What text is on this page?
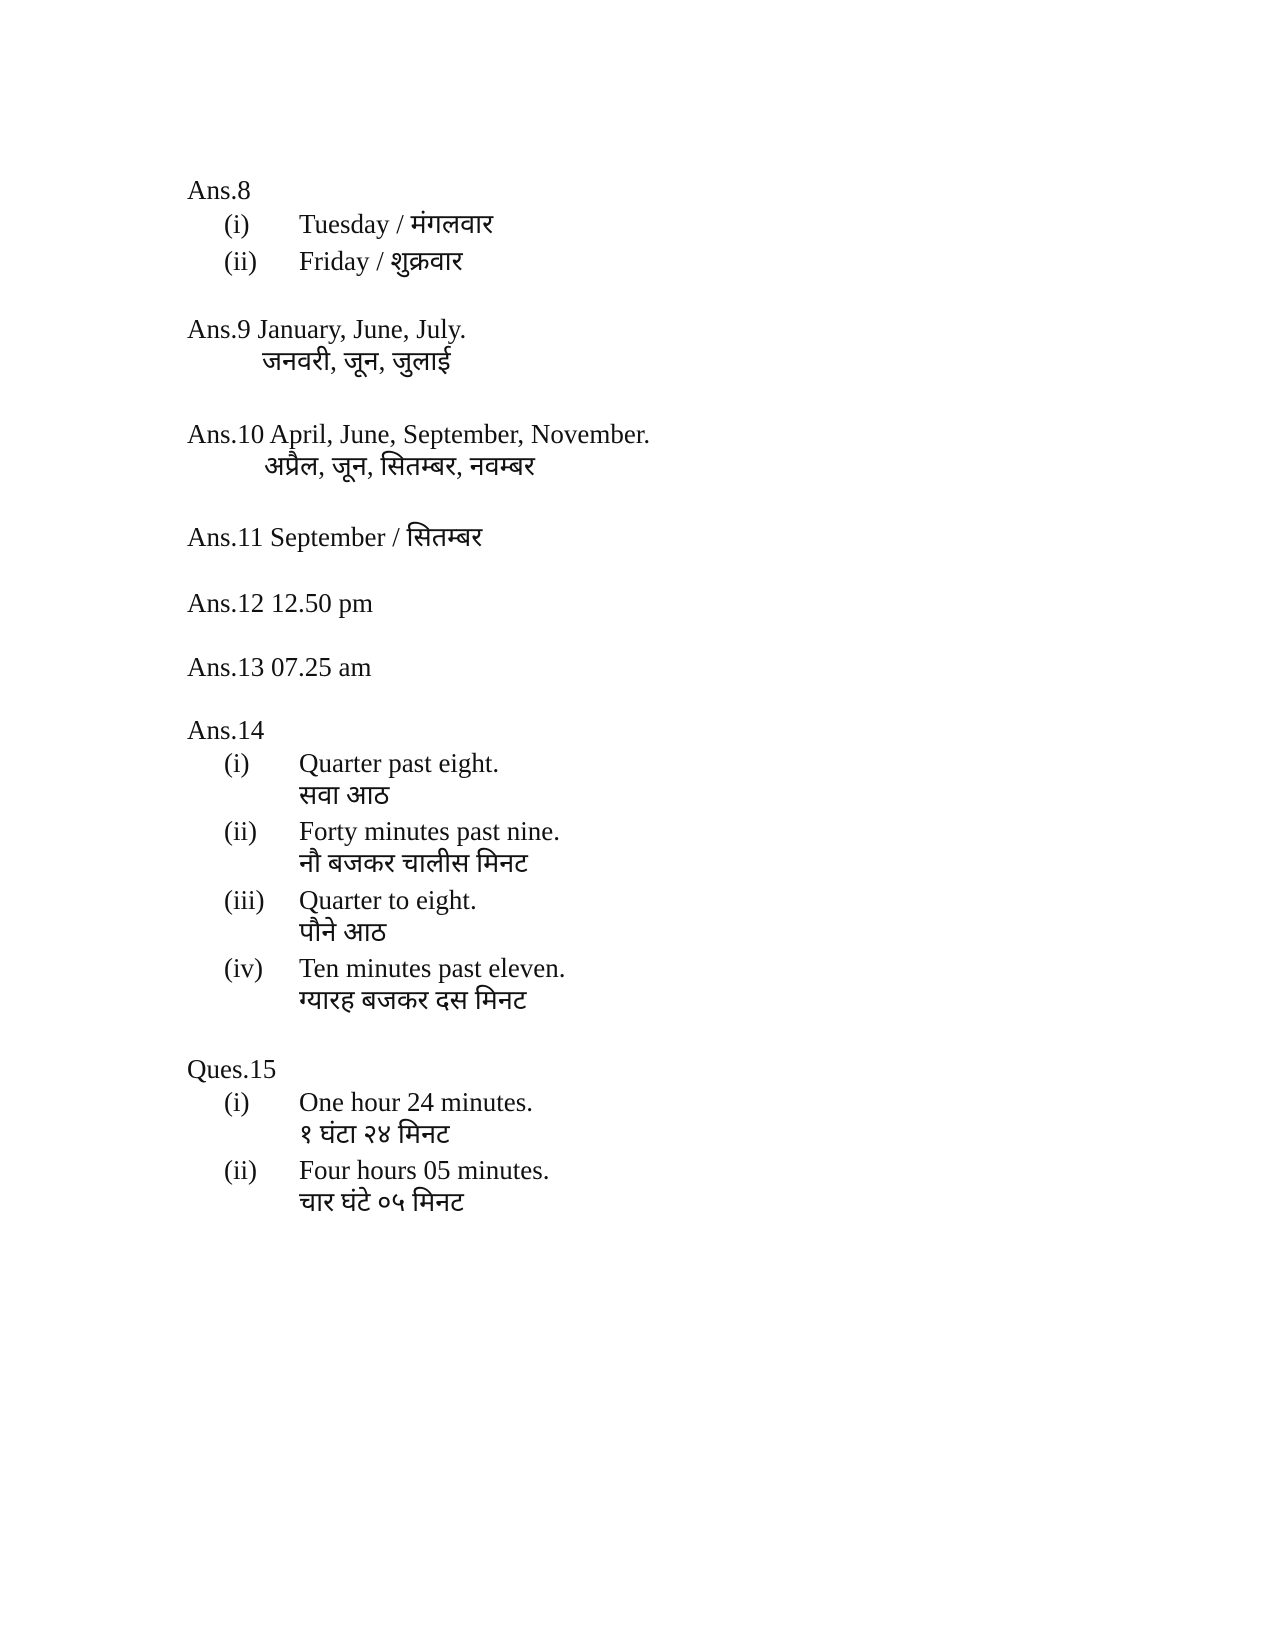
Ans.8
(i) Tuesday / मंगलवार
(ii) Friday / शुक्रवार
Ans.9 January, June, July.
जनवरी, जून, जुलाई
Ans.10 April, June, September, November.
अप्रैल, जून, सितम्बर, नवम्बर
Ans.11 September / सितम्बर
Ans.12 12.50 pm
Ans.13 07.25 am
Ans.14
(i) Quarter past eight.
सवा आठ
(ii) Forty minutes past nine.
नौ बजकर चालीस मिनट
(iii) Quarter to eight.
पौने आठ
(iv) Ten minutes past eleven.
ग्यारह बजकर दस मिनट
Ques.15
(i) One hour 24 minutes.
१ घंटा २४ मिनट
(ii) Four hours 05 minutes.
चार घंटे ०५ मिनट
